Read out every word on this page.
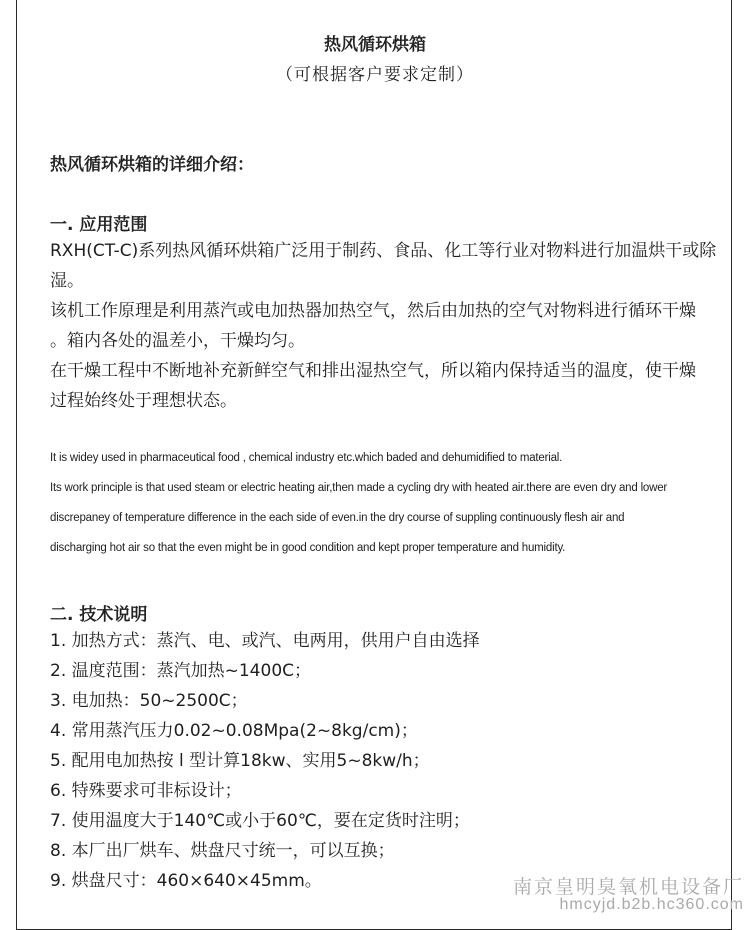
热风循环烘箱
（可根据客户要求定制）
热风循环烘箱的详细介绍：
一. 应用范围
RXH(CT-C)系列热风循环烘箱广泛用于制药、食品、化工等行业对物料进行加温烘干或除
湿。
该机工作原理是利用蒸汽或电加热器加热空气，然后由加热的空气对物料进行循环干燥
。箱内各处的温差小，干燥均匀。
在干燥工程中不断地补充新鲜空气和排出湿热空气，所以箱内保持适当的温度，使干燥
过程始终处于理想状态。
It is widey used in pharmaceutical food , chemical industry etc.which baded and dehumidified to material.
Its work principle is that used steam or electric heating air,then made a cycling dry with heated air.there are even dry and lower
discrepaney of temperature difference in the each side of even.in the dry course of suppling continuously flesh air and
discharging hot air so that the even might be in good condition and kept proper temperature and humidity.
二. 技术说明
1. 加热方式：蒸汽、电、或汽、电两用，供用户自由选择
2. 温度范围：蒸汽加热~1400C；
3. 电加热：50~2500C；
4. 常用蒸汽压力0.02~0.08Mpa(2~8kg/cm)；
5. 配用电加热按 l 型计算18kw、实用5~8kw/h；
6. 特殊要求可非标设计；
7. 使用温度大于140℃或小于60℃，要在定货时注明；
8. 本厂出厂烘车、烘盘尺寸统一，可以互换；
9. 烘盘尺寸：460×640×45mm。	南京皇明臭氧机电设备厂
hmcyjd.b2b.hc360.com
